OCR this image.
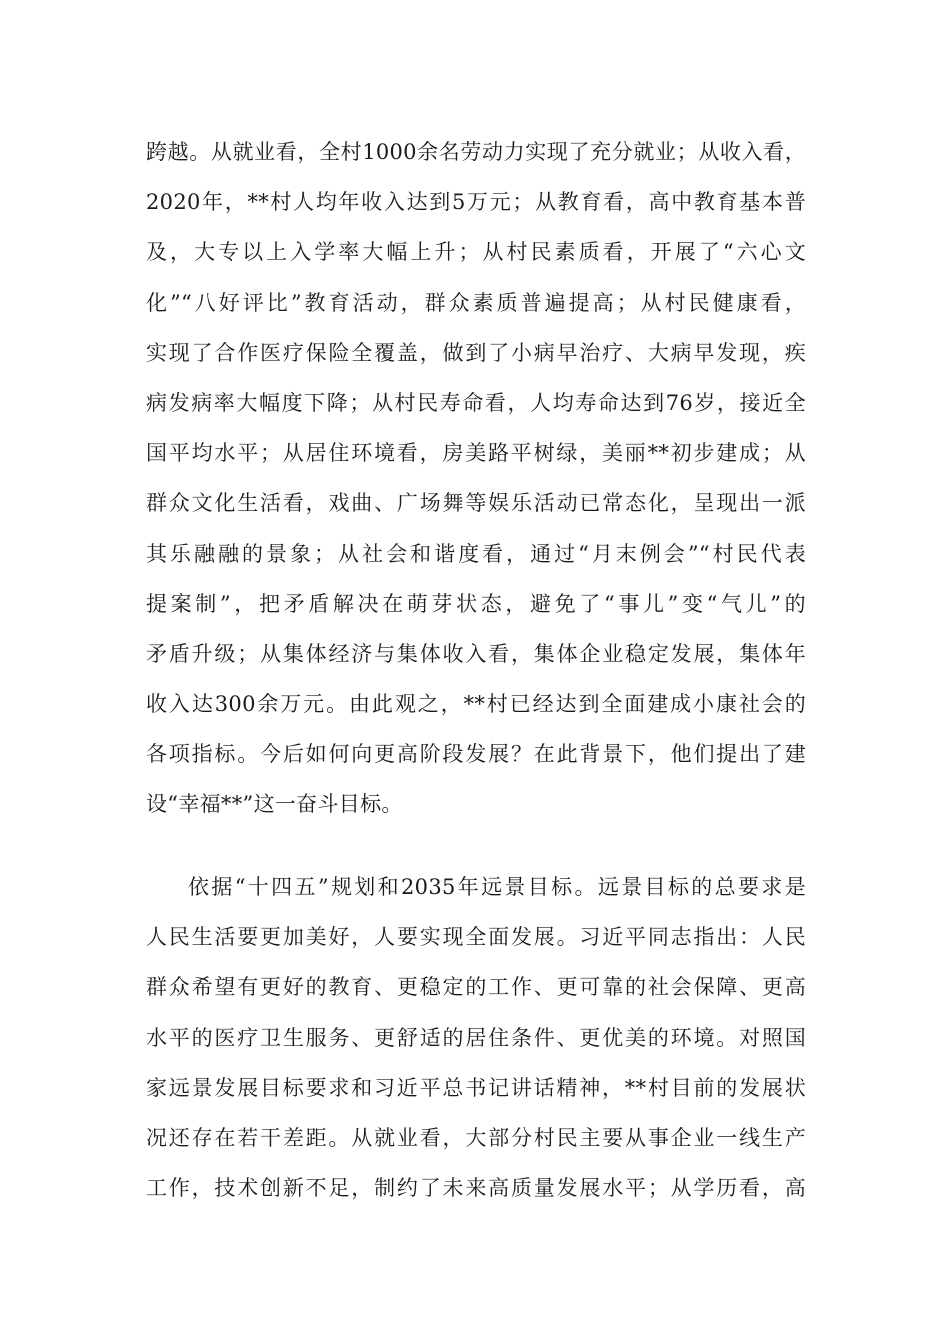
跨越。从就业看，全村1000余名劳动力实现了充分就业；从收入看，
2020年，**村人均年收入达到5万元；从教育看，高中教育基本普
及，大专以上入学率大幅上升；从村民素质看，开展了“六心文
化”“八好评比”教育活动，群众素质普遍提高；从村民健康看，
实现了合作医疗保险全覆盖，做到了小病早治疗、大病早发现，疾
病发病率大幅度下降；从村民寿命看，人均寿命达到76岁，接近全
国平均水平；从居住环境看，房美路平树绿，美丽**初步建成；从
群众文化生活看，戏曲、广场舞等娱乐活动已常态化，呈现出一派
其乐融融的景象；从社会和谐度看，通过“月末例会”“村民代表
提案制”，把矛盾解决在萌芽状态，避免了“事儿”变“气儿”的
矛盾升级；从集体经济与集体收入看，集体企业稳定发展，集体年
收入达300余万元。由此观之，**村已经达到全面建成小康社会的
各项指标。今后如何向更高阶段发展？在此背景下，他们提出了建
设“幸福**”这一奋斗目标。
依据“十四五”规划和2035年远景目标。远景目标的总要求是
人民生活要更加美好，人要实现全面发展。习近平同志指出：人民
群众希望有更好的教育、更稳定的工作、更可靠的社会保障、更高
水平的医疗卫生服务、更舒适的居住条件、更优美的环境。对照国
家远景发展目标要求和习近平总书记讲话精神，**村目前的发展状
况还存在若干差距。从就业看，大部分村民主要从事企业一线生产
工作，技术创新不足，制约了未来高质量发展水平；从学历看，高
